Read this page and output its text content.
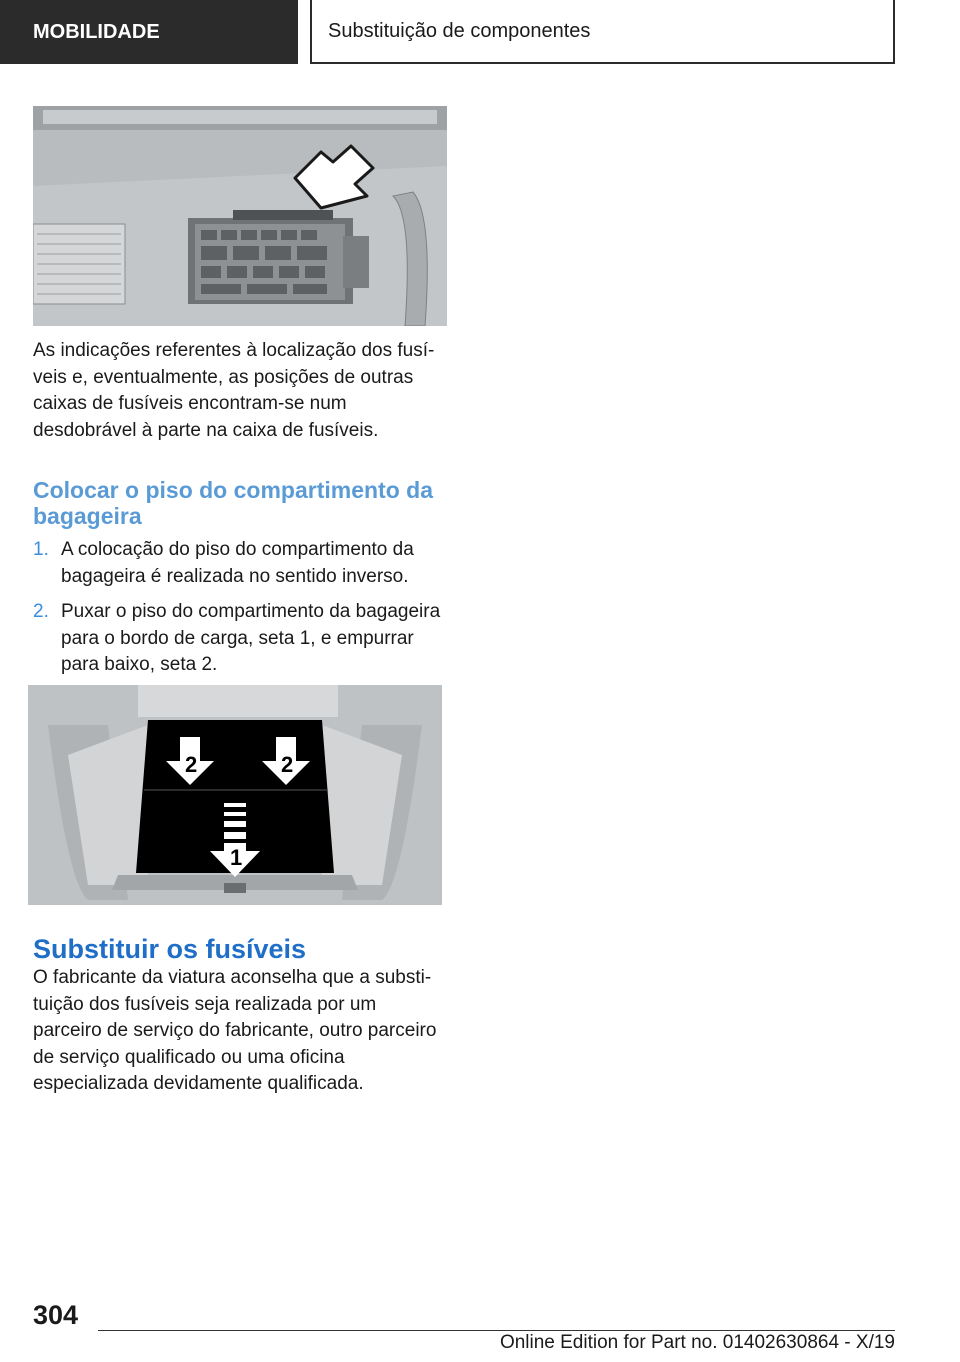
MOBILIDADE	Substituição de componentes

As indicações referentes à localização dos fusíveis e, eventualmente, as posições de outras caixas de fusíveis encontram-se num desdobrável à parte na caixa de fusíveis.

Colocar o piso do compartimento da bagageira
1. A colocação do piso do compartimento da bagageira é realizada no sentido inverso.
2. Puxar o piso do compartimento da bagageira para o bordo de carga, seta 1, e empurrar para baixo, seta 2.
2	2
1
Substituir os fusíveis

O fabricante da viatura aconselha que a substituição dos fusíveis seja realizada por um parceiro de serviço do fabricante, outro parceiro de serviço qualificado ou uma oficina especializada devidamente qualificada.

304
Online Edition for Part no. 01402630864 - X/19
